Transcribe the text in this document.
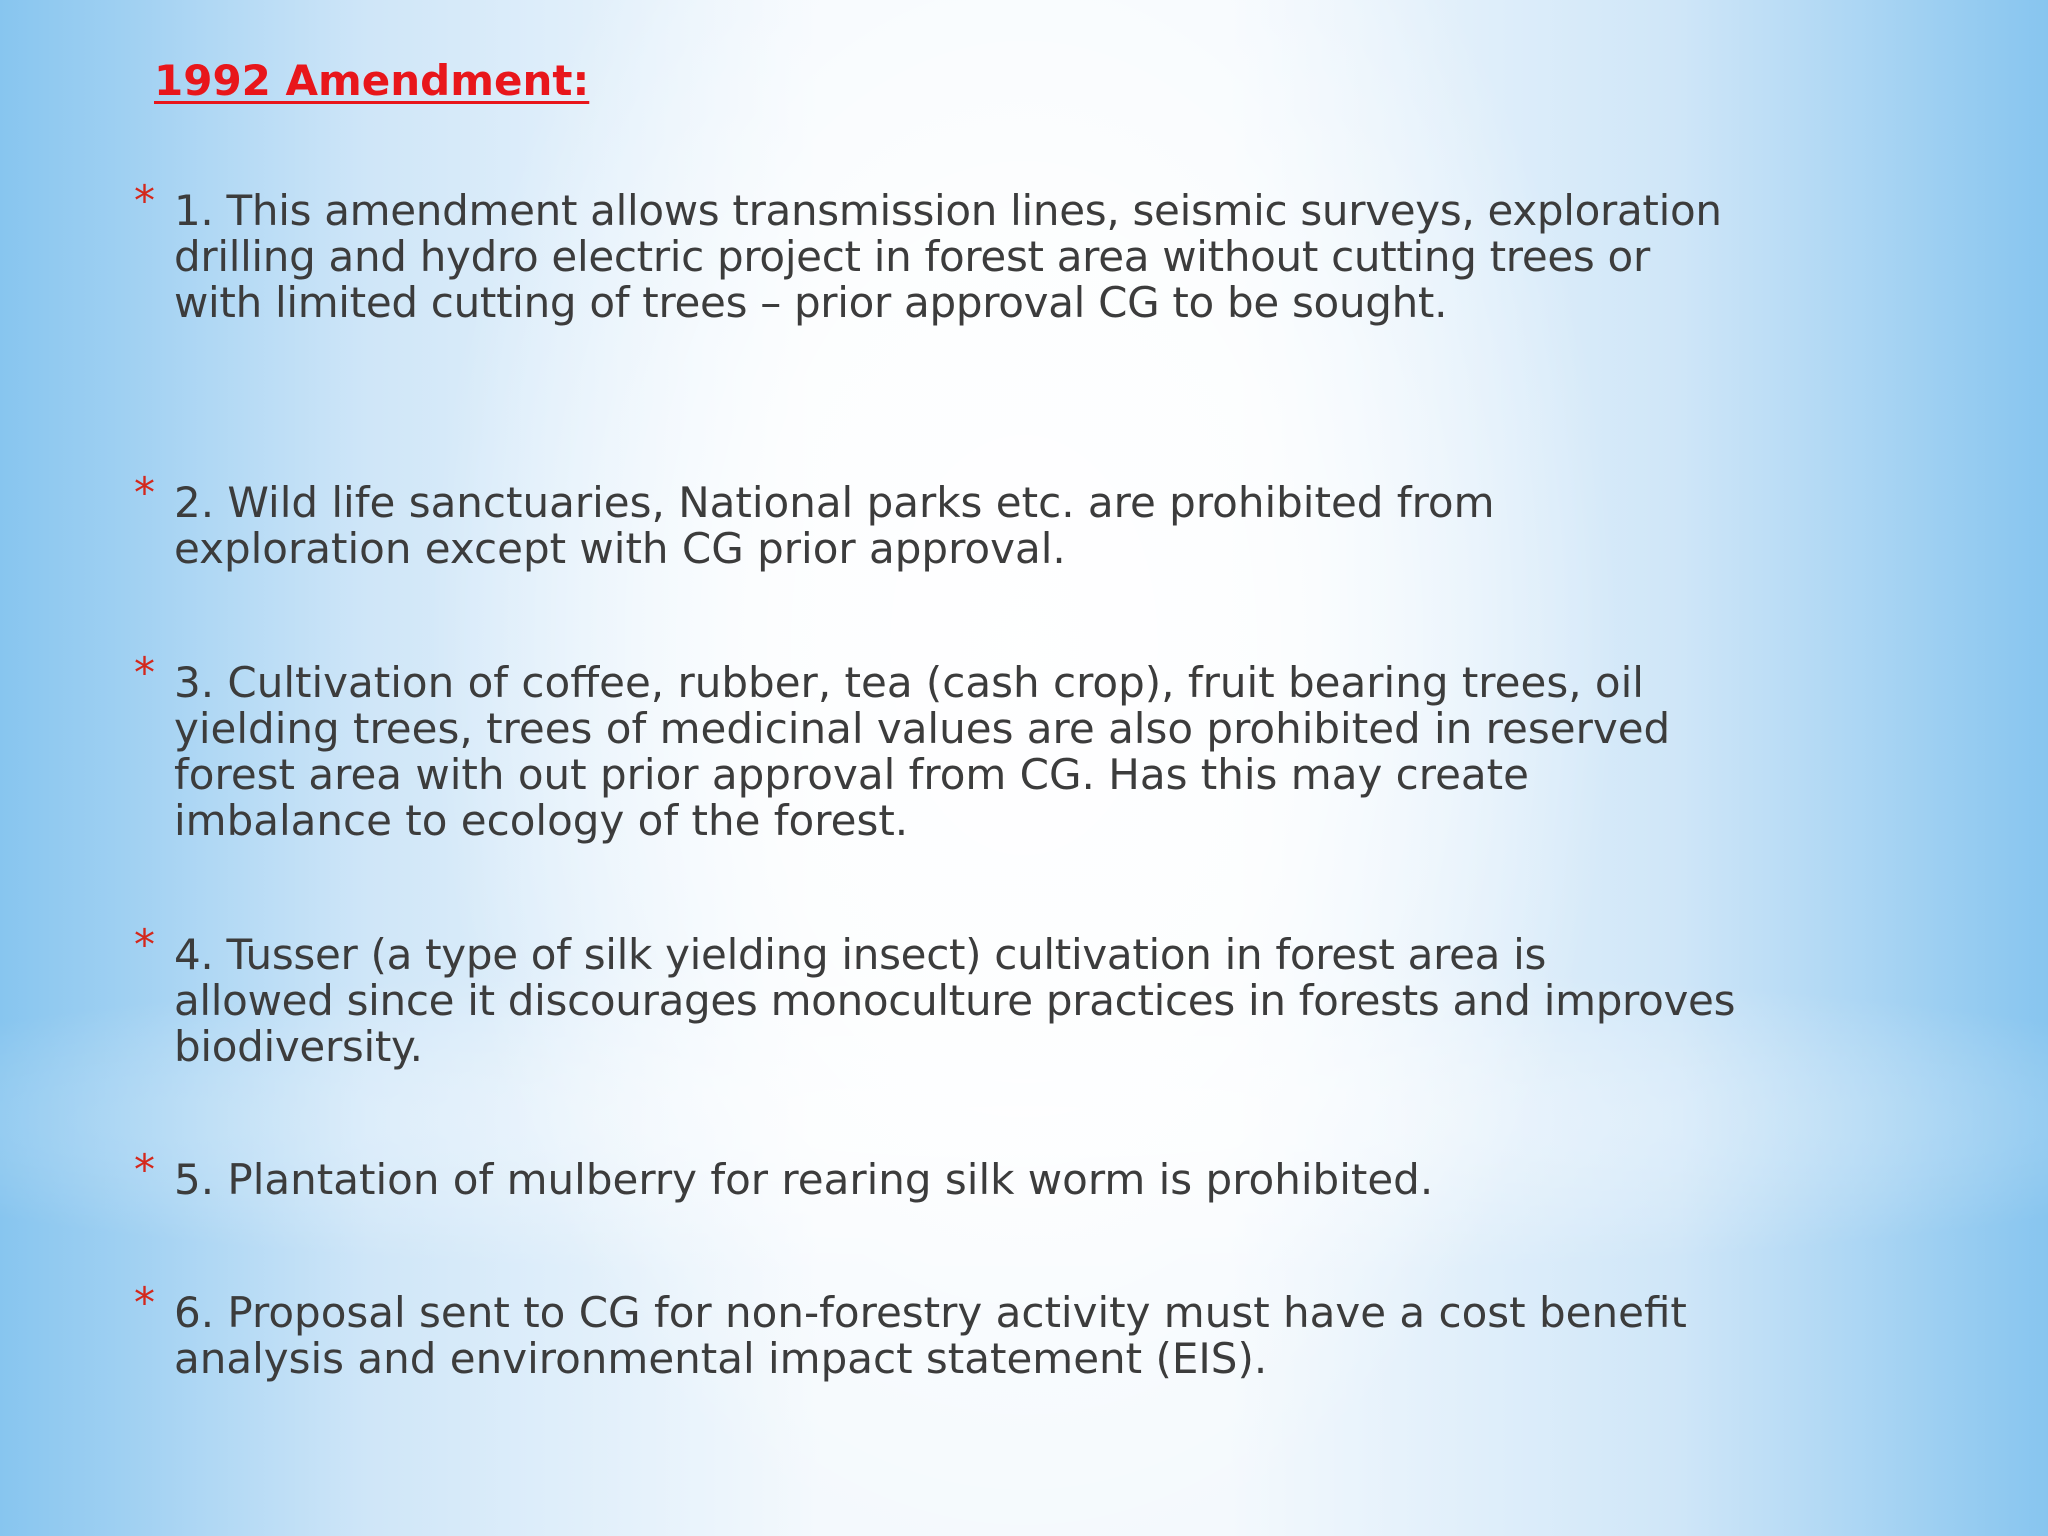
1992 Amendment:
* 1. This amendment allows transmission lines, seismic surveys, exploration
drilling and hydro electric project in forest area without cutting trees or
with limited cutting of trees – prior approval CG to be sought.

* 2. Wild life sanctuaries, National parks etc. are prohibited from
exploration except with CG prior approval.

* 3. Cultivation of coffee, rubber, tea (cash crop), fruit bearing trees, oil
yielding trees, trees of medicinal values are also prohibited in reserved
forest area with out prior approval from CG. Has this may create
imbalance to ecology of the forest.

* 4. Tusser (a type of silk yielding insect) cultivation in forest area is
allowed since it discourages monoculture practices in forests and improves
biodiversity.

* 5. Plantation of mulberry for rearing silk worm is prohibited.

* 6. Proposal sent to CG for non-forestry activity must have a cost benefit
analysis and environmental impact statement (EIS).
